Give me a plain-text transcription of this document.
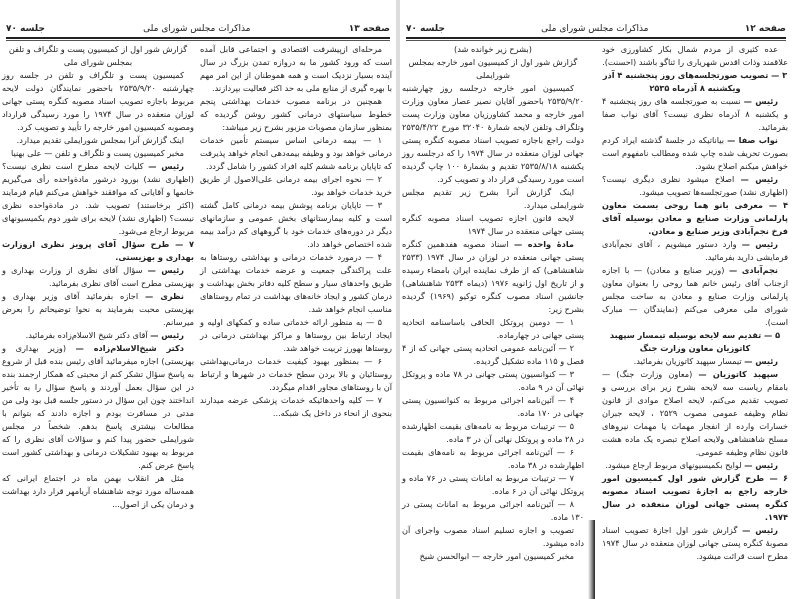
صفحه ۱۳
مذاکرات مجلس شورای ملی
جلسه ۷۰

گزارش شور اول از کمیسیون پست و تلگراف و تلفن بمجلس شورای ملی

کمیسیون پست و تلگراف و تلفن در جلسه روز چهارشنبه ۲۵۳۵/۹/۲۰ باحضور نمایندگان دولت لایحه مربوط باجازه تصویب اسناد مصوبه کنگره پستی جهانی لوزان منعقده در سال ۱۹۷۴ را مورد رسیدگی قرارداد ومصوبه کمیسیون امور خارجه را تأیید و تصویب کرد.

اینک گزارش آنرا بمجلس شورایملی تقدیم میدارد.

مخبر کمیسیون پست و تلگراف و تلفن — علی بهنیا

رئیس — کلیات لایحه مطرح است نظری نیست؟ (اظهاری نشد) بورود درشور مادةواحده رأی می‌گیریم خانمها و آقایانی که موافقند خواهش می‌کنم قیام فرمایند (اکثر برخاستند) تصویب شد. در مادةواحده نظری نیست؟ (اظهاری نشد) لایحه برای شور دوم بکمیسیونهای مربوط ارجاع می‌شود.

۷ — طرح سؤال آقای پرویز نظری ازوزارت بهداری و بهزیستی.

رئیس — سؤال آقای نظری از وزارت بهداری و بهزیستی مطرح است آقای نظری بفرمائید.

نظری — اجازه بفرمائید آقای وزیر بهداری و بهزیستی محبت بفرمایند به نحوا توضیحاتم را بعرض میرسانم.

رئیس — آقای دکتر شیخ الاسلام‌زاده بفرمائید.

دکتر شیخ‌الاسلام‌زاده — (وزیر بهداری و بهزیستی) اجازه میفرمائید آقای رئیس بنده قبل از شروع به پاسخ سؤال تشکر کنم از محبتی که همکار ارجمند بنده در این سؤال بعمل آوردند و پاسخ سؤال را به تأخیر انداختند چون این سؤال در دستور جلسه قبل بود ولی من مدتی در مسافرت بودم و اجازه دادند که بتوانم با مطالعات بیشتری پاسخ بدهم. شخصاً در مجلس شورایملی حضور پیدا کنم و سؤالات آقای نظری را که مربوط به بهبود تشکیلات درمانی و بهداشتی کشور است پاسخ عرض کنم.

مثل هر انقلاب بهمن ماه در اجتماع ایرانی که همه‌ساله مورد توجه شاهنشاه آریامهر قرار دارد بهداشت و درمان یکی از اصول...

مرحله‌ای ازپیشرفت اقتصادی و اجتماعی قابل آمده است که ورود کشور ما به دروازه تمدن بزرگ در سال آینده بسیار نزدیک است و همه هموطنان از این امر مهم با بهره گیری از منابع ملی به حد اکثر فعالیت بپردازند.

همچنین در برنامه مصوب خدمات بهداشتی پنجم خطوط سیاستهای درمانی کشور روشن گردیده که بمنظور سازمان مصوبات مزبور بشرح زیر میباشد:

۱ — بیمه درمانی اساس سیستم تأمین خدمات درمانی خواهد بود و وظیفه بیمه‌دهی انجام خواهد پذیرفت که تاپایان برنامه ششم کلیه افراد کشور را شامل گردد.

۲ — نحوه اجرای بیمه درمانی علی‌الاصول از طریق خرید خدمات خواهد بود.

۳ — تاپایان برنامه پوشش بیمه درمانی کامل گشته است و کلیه بیمارستانهای بخش عمومی و سازمانهای دیگر در دوره‌های خدمات خود با گروههای کم درآمد بیمه شده اختصاص خواهد داد.

۴ — درمورد خدمات درمانی و بهداشتی روستاها به علت پراکندگی جمعیت و عرضه خدمات‌ بهداشتی از طریق واحدهای سیار و سطح کلیه دفاتر بخش بهداشت و درمان کشور و ایجاد خانه‌های بهداشت در تمام روستاهای مناسب انجام خواهد شد.

۵ — به منظور ارائه خدماتی ساده و کمکهای اولیه و ایجاد ارتباط بین روستاها و مراکز بهداشتی درمانی در روستاها بهورز تربیت خواهد شد.

۶ — بمنظور بهبود کیفیت خدمات درمانی‌بهداشتی روستائیان و بالا بردن سطح خدمات در شهرها و ارتباط آن با روستاهای مجاور اقدام میگردد.

۷ — کلیه واحدهائیکه خدمات پزشکی عرضه میدارند بنحوی از انحاء در داخل یک شبکه...

صفحه ۱۲
مذاکرات مجلس شورای ملی
جلسه ۷۰

عده کثیری از مردم شمال بکار کشاورزی خود علاقمند وذات اقدس شهریاری را ثناگو باشند (احسنت).

۳ — تصویب صورتجلسه‌های روز پنجشنبه ۴ آذر ویکشنبه ۸ آذرماه ۲۵۳۵

رئیس — نسبت به صورتجلسه های روز پنجشنبه ۴ و یکشنبه ۸ آذرماه نظری نیست؟ آقای نواب صفا بفرمائید.

نواب صفا — بیاناتیکه در جلسهٔ گذشته ایراد کردم بصورت تحریف شده چاپ شده ومطالب نامفهوم است خواهش میکنم اصلاح بشود.

رئیس — اصلاح میشود نظری دیگری نیست؟ (اظهاری نشد) صورتجلسه‌ها تصویب میشود.

۴ — معرفی بانو هما روحی بسمت معاون پارلمانی وزارت صنایع و معادن بوسیله آقای فرخ نجم‌آبادی وزیر صنایع و معادن.

رئیس — وارد دستور میشویم ، آقای نجم‌آبادی فرمایشی دارید بفرمائید.

نجم‌آبادی — (وزیر صنایع و معادن) — با اجازه ازجناب آقای رئیس خانم هما روحی را بعنوان معاون پارلمانی وزارت صنایع و معادن به ساحت مجلس شورای ملی معرفی می‌کنم (نمایندگان — مبارک است).

۵ — تقدیم سه لایحه بوسیله تیمسار سپهبد کاتوزیان معاون وزارت جنگ

رئیس — تیمسار سپهبد کاتوزیان بفرمائید.

سپهبد کاتوزیان — (معاون وزارت جنگ) — بامقام ریاست سه لایحه بشرح زیر برای بررسی و تصویب تقدیم می‌کنم، لایحه اصلاح موادی از قانون نظام وظیفه عمومی مصوب ۲۵۲۹ ، لایحه جبران خسارات وارده از انفجار مهمات یا مهمات نیروهای مسلح شاهنشاهی ولایحه اصلاح تبصره یک ماده هشت قانون نظام وظیفه عمومی.

رئیس — لوایح بکمیسیونهای مربوط ارجاع میشود.

۶ — طرح گزارش شور اول کمیسیون امور خارجه راجع به اجازهٔ تصویب اسناد مصوبه کنگره پستی جهانی لوزان منعقده در سال ۱۹۷۴.

رئیس — گزارش شور اول اجازهٔ تصویب اسناد مصوبهٔ کنگره پستی جهانی لوزان منعقده در سال ۱۹۷۴ مطرح است قرائت میشود.

(بشرح زیر خوانده شد)

گزارش شور اول از کمیسیون امور خارجه بمجلس شورایملی

کمیسیون امور خارجه درجلسه روز چهارشنبه ۲۵۳۵/۹/۲۰ باحضور آقایان نصیر عصار معاون وزارت امور خارجه و محمد کشاورزیان معاون وزارت پست وتلگراف وتلفن لایحه شمارهٔ ۳۲۰۴۰ مورخ ۲۵۳۵/۴/۲۲ دولت راجع باجازه تصویب اسناد مصوبه کنگره پستی جهانی لوزان منعقده در سال ۱۹۷۴ را که درجلسه روز یکشنبه ۲۵۳۵/۸/۱۸ تقدیم و بشمارهٔ ۱۰۰ چاپ گردیده است مورد رسیدگی قرار داد و تصویب کرد.

اینک گزارش آنرا بشرح زیر تقدیم مجلس شورایملی میدارد.

لایحه قانون اجازه تصویب اسناد مصوبه کنگره پستی جهانی منعقده در سال ۱۹۷۴

مادهٔ واحده — اسناد مصوبه هفدهمین کنگره پستی جهانی منعقده در لوزان در سال ۱۹۷۴ (۲۵۳۳ شاهنشاهی) که از طرف نماینده ایران بامضاء رسیده و از تاریخ اول ژانویه ۱۹۷۶ (دیماه ۲۵۳۴ شاهنشاهی) جانشین اسناد مصوب کنگره توکیو (۱۹۶۹) گردیده بشرح زیر:

۱ — دومین پروتکل الحاقی باساسنامه اتحادیه پستی جهانی در چهارماده.

۲ — آئین‌نامه عمومی اتحادیه پستی جهانی که از ۴ فصل و ۱۱۵ ماده تشکیل گردیده.

۳ — کنوانسیون پستی جهانی در ۷۸ ماده و پروتکل نهائی آن در ۹ ماده.

۴ — آئین‌نامه اجرائی مربوط به کنوانسیون پستی جهانی در ۱۷۰ ماده.

۵ — ترتیبات مربوط به نامه‌های بقیمت اظهارشده در ۲۸ ماده و پروتکل نهائی آن در ۳ ماده.

۶ — آئین‌نامه اجرائی مربوط به نامه‌های بقیمت اظهارشده در ۳۸ ماده.

۷ — ترتیبات مربوط به امانات پستی در ۷۶ ماده و پروتکل نهائی آن در ۶ ماده.

۸ — آئین‌نامه اجرائی مربوط به امانات پستی در ۱۳۰ ماده.

تصویب و اجازه تسلیم اسناد مصوب واجرای آن داده میشود.

مخبر کمیسیون امور خارجه — ابوالحسن شیخ
